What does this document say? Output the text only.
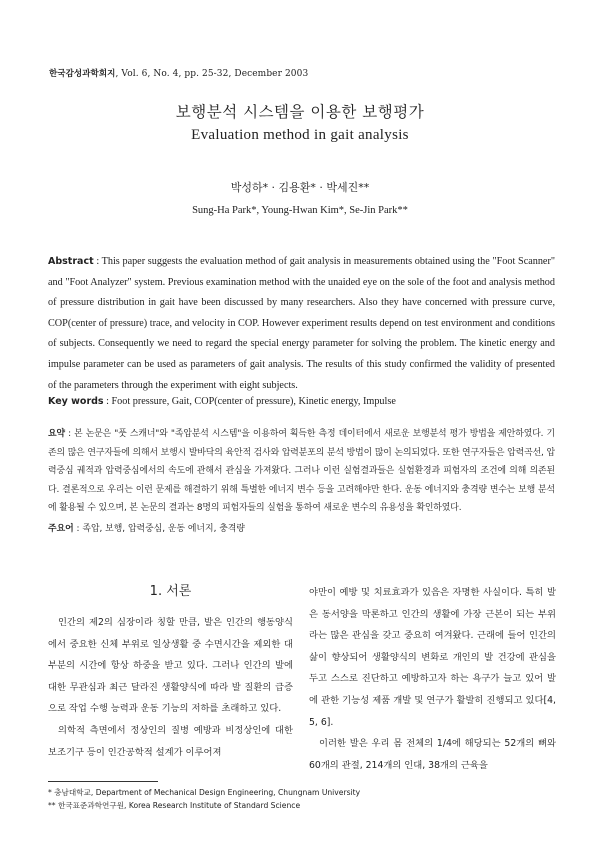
한국감성과학회지, Vol. 6, No. 4, pp. 25-32, December 2003
보행분석 시스템을 이용한 보행평가
Evaluation method in gait analysis
박성하* · 김용환* · 박세진**
Sung-Ha Park*, Young-Hwan Kim*, Se-Jin Park**
Abstract : This paper suggests the evaluation method of gait analysis in measurements obtained using the "Foot Scanner" and "Foot Analyzer" system. Previous examination method with the unaided eye on the sole of the foot and analysis method of pressure distribution in gait have been discussed by many researchers. Also they have concerned with pressure curve, COP(center of pressure) trace, and velocity in COP. However experiment results depend on test environment and conditions of subjects. Consequently we need to regard the special energy parameter for solving the problem. The kinetic energy and impulse parameter can be used as parameters of gait analysis. The results of this study confirmed the validity of presented of the parameters through the experiment with eight subjects.
Key words : Foot pressure, Gait, COP(center of pressure), Kinetic energy, Impulse
요약 : 본 논문은 "풋 스캐너"와 "족압분석 시스템"을 이용하여 획득한 측정 데이터에서 새로운 보행분석 평가 방법을 제안하였다. 기존의 많은 연구자들에 의해서 보행시 발바닥의 육안적 검사와 압력분포의 분석 방법이 많이 논의되었다. 또한 연구자들은 압력곡선, 압력중심 궤적과 압력중심에서의 속도에 관해서 관심을 가져왔다. 그러나 이런 실험결과들은 실험환경과 피험자의 조건에 의해 의존된다. 결론적으로 우리는 이런 문제를 해결하기 위해 특별한 에너지 변수 등을 고려해야만 한다. 운동 에너지와 충격량 변수는 보행 분석에 활용될 수 있으며, 본 논문의 결과는 8명의 피험자들의 실험을 통하여 새로운 변수의 유용성을 확인하였다.
주요어 : 족압, 보행, 압력중심, 운동 에너지, 충격량
1. 서론

인간의 제2의 심장이라 칭할 만큼, 발은 인간의 행동양식에서 중요한 신체 부위로 일상생활 중 수면시간을 제외한 대부분의 시간에 항상 하중을 받고 있다. 그러나 인간의 발에 대한 무관심과 최근 달라진 생활양식에 따라 발 질환의 급증으로 작업 수행 능력과 운동 기능의 저하를 초래하고 있다.

의학적 측면에서 정상인의 질병 예방과 비정상인에 대한 보조기구 등이 인간공학적 설계가 이루어져

야만이 예방 및 치료효과가 있음은 자명한 사실이다. 특히 발은 동서양을 막론하고 인간의 생활에 가장 근본이 되는 부위라는 많은 관심을 갖고 중요히 여겨왔다. 근래에 들어 인간의 삶이 향상되어 생활양식의 변화로 개인의 발 건강에 관심을 두고 스스로 진단하고 예방하고자 하는 욕구가 늘고 있어 발에 관한 기능성 제품 개발 및 연구가 활발히 진행되고 있다[4, 5, 6].

이러한 발은 우리 몸 전체의 1/4에 해당되는 52개의 뼈와 60개의 관절, 214개의 인대, 38개의 근육을

* 충남대학교, Department of Mechanical Design Engineering, Chungnam University
** 한국표준과학연구원, Korea Research Institute of Standard Science
